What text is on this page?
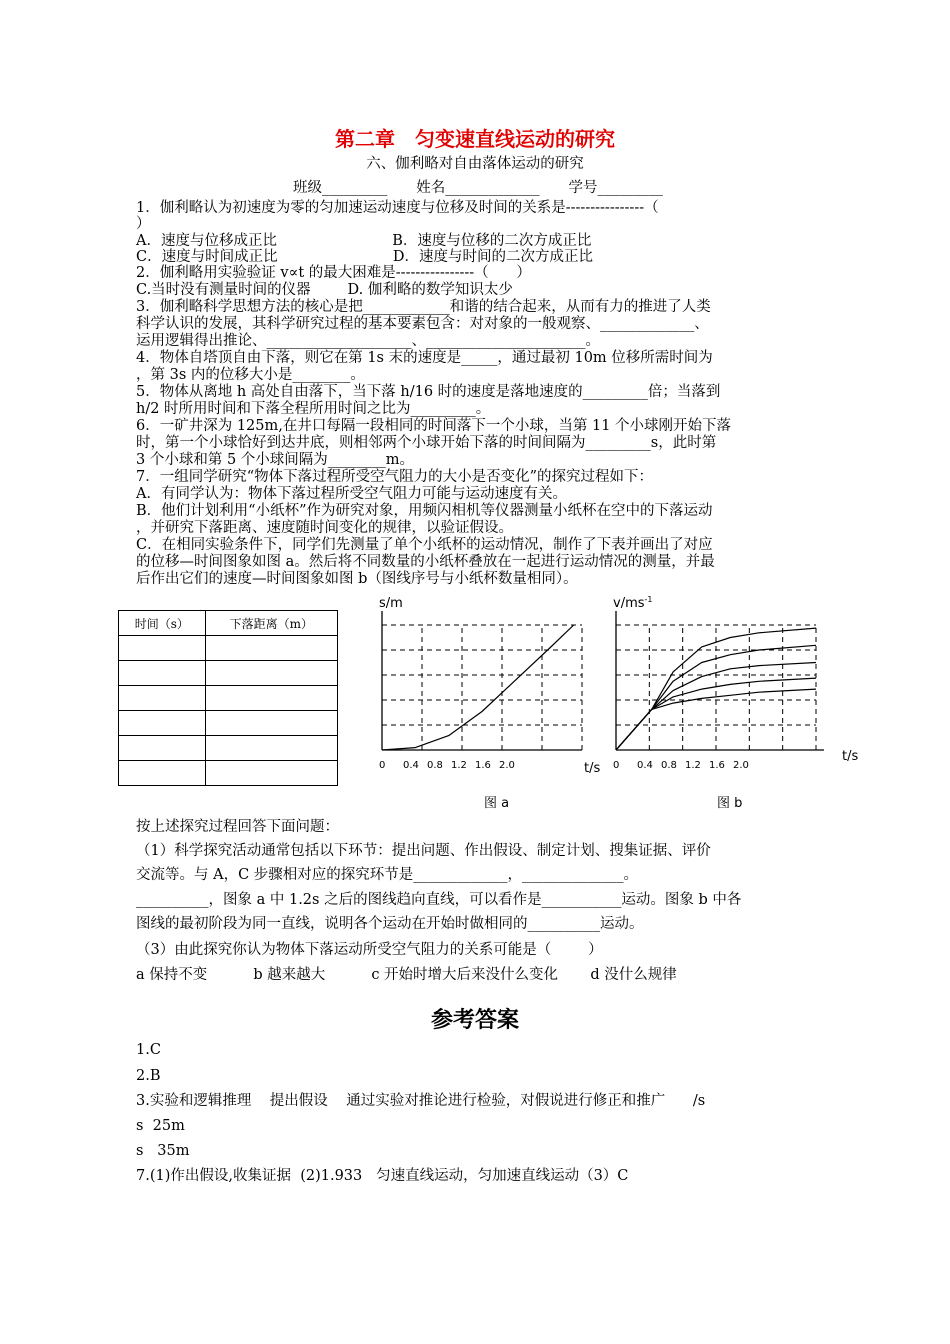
第二章　匀变速直线运动的研究
六、伽利略对自由落体运动的研究
班级_________　　姓名_____________　　学号_________
1．伽利略认为初速度为零的匀加速运动速度与位移及时间的关系是----------------（
）
A．速度与位移成正比                         B．速度与位移的二次方成正比
C．速度与时间成正比                         D．速度与时间的二次方成正比
2．伽利略用实验验证 v∝t 的最大困难是----------------（      ）
C.当时没有测量时间的仪器        D. 伽利略的数学知识太少
3．伽利略科学思想方法的核心是把____________和谐的结合起来，从而有力的推进了人类
科学认识的发展，其科学研究过程的基本要素包含：对对象的一般观察、_____________、
运用逻辑得出推论、____________________、______________________。
4．物体自塔顶自由下落，则它在第 1s 末的速度是_____，通过最初 10m 位移所需时间为
，第 3s 内的位移大小是________。
5．物体从离地 h 高处自由落下，当下落 h/16 时的速度是落地速度的_________倍；当落到
h/2 时所用时间和下落全程所用时间之比为_________。
6．一矿井深为 125m,在井口每隔一段相同的时间落下一个小球，当第 11 个小球刚开始下落
时，第一个小球恰好到达井底，则相邻两个小球开始下落的时间间隔为_________s，此时第
3 个小球和第 5 个小球间隔为________m。
7．一组同学研究“物体下落过程所受空气阻力的大小是否变化”的探究过程如下：
A．有同学认为：物体下落过程所受空气阻力可能与运动速度有关。
B．他们计划利用“小纸杯”作为研究对象，用频闪相机等仪器测量小纸杯在空中的下落运动
，并研究下落距离、速度随时间变化的规律，以验证假设。
C．在相同实验条件下，同学们先测量了单个小纸杯的运动情况，制作了下表并画出了对应
的位移—时间图象如图 a。然后将不同数量的小纸杯叠放在一起进行运动情况的测量，并最
后作出它们的速度—时间图象如图 b（图线序号与小纸杯数量相同）。
时间（s）	下落距离（m）

s/m
t/s
0 0.4 0.8 1.2 1.6 2.0
图 a
$v/ms^{-1}$
t/s
0 0.4 0.8 1.2 1.6 2.0
图 b
按上述探究过程回答下面问题：
（1）科学探究活动通常包括以下环节：提出问题、作出假设、制定计划、搜集证据、评价
交流等。与 A，C 步骤相对应的探究环节是_____________，______________。
__________，图象 a 中 1.2s 之后的图线趋向直线，可以看作是___________运动。图象 b 中各
图线的最初阶段为同一直线，说明各个运动在开始时做相同的__________运动。
（3）由此探究你认为物体下落运动所受空气阻力的关系可能是（        ）
a 保持不变          b 越来越大          c 开始时增大后来没什么变化       d 没什么规律
参考答案
1.C
2.B
3.实验和逻辑推理    提出假设    通过实验对推论进行检验，对假说进行修正和推广      /s
s  25m
s   35m
7.(1)作出假设,收集证据  (2)1.933   匀速直线运动，匀加速直线运动（3）C
